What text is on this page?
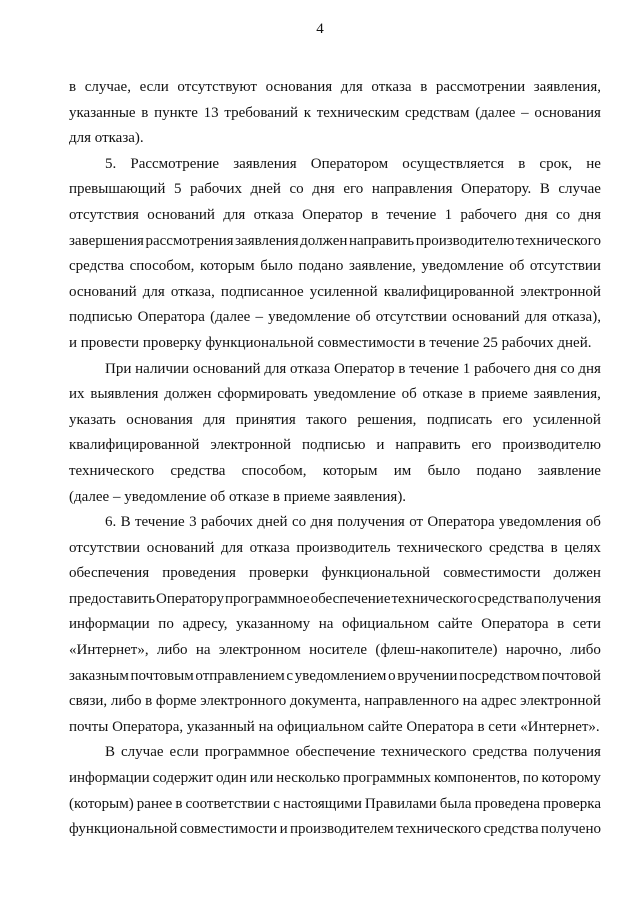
4
в случае, если отсутствуют основания для отказа в рассмотрении заявления,
указанные в пункте 13 требований к техническим средствам (далее – основания
для отказа).
5. Рассмотрение заявления Оператором осуществляется в срок, не
превышающий 5 рабочих дней со дня его направления Оператору. В случае
отсутствия оснований для отказа Оператор в течение 1 рабочего дня со дня
завершения рассмотрения заявления должен направить производителю технического
средства способом, которым было подано заявление, уведомление об отсутствии
оснований для отказа, подписанное усиленной квалифицированной электронной
подписью Оператора (далее – уведомление об отсутствии оснований для отказа),
и провести проверку функциональной совместимости в течение 25 рабочих дней.
При наличии оснований для отказа Оператор в течение 1 рабочего дня со дня
их выявления должен сформировать уведомление об отказе в приеме заявления,
указать основания для принятия такого решения, подписать его усиленной
квалифицированной электронной подписью и направить его производителю
технического средства способом, которым им было подано заявление
(далее – уведомление об отказе в приеме заявления).
6. В течение 3 рабочих дней со дня получения от Оператора уведомления об
отсутствии оснований для отказа производитель технического средства в целях
обеспечения проведения проверки функциональной совместимости должен
предоставить Оператору программное обеспечение технического средства получения
информации по адресу, указанному на официальном сайте Оператора в сети
«Интернет», либо на электронном носителе (флеш-накопителе) нарочно, либо
заказным почтовым отправлением с уведомлением о вручении посредством почтовой
связи, либо в форме электронного документа, направленного на адрес электронной
почты Оператора, указанный на официальном сайте Оператора в сети «Интернет».
В случае если программное обеспечение технического средства получения
информации содержит один или несколько программных компонентов, по которому
(которым) ранее в соответствии с настоящими Правилами была проведена проверка
функциональной совместимости и производителем технического средства получено
